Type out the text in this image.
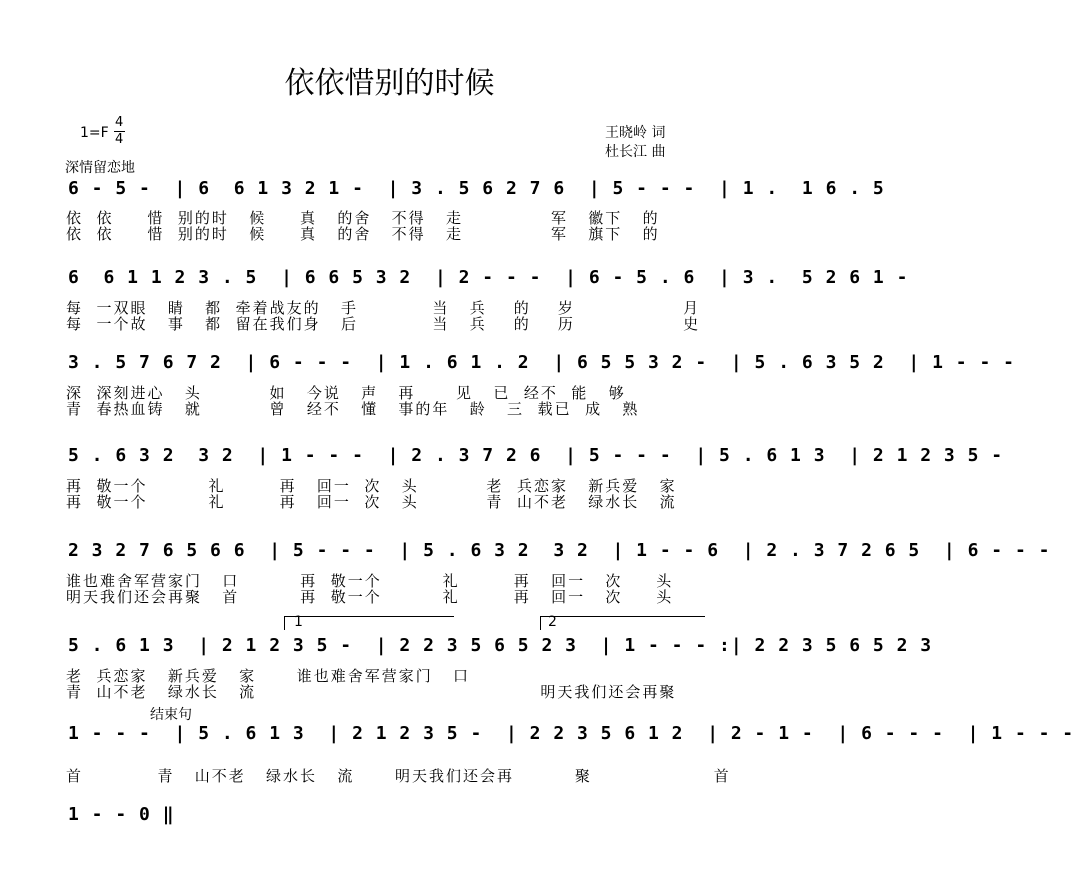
依依惜别的时候
1=F
4
4	王晓岭 词
杜长江 曲
深情留恋地
6 - 5 -  | 6  6 1 3 2 1 -  | 3 . 5 6 2 7 6  | 5 - - -  | 1 .  1 6 . 5
依  依     惜  别的时   候     真   的舍   不得   走             军   徽下   的
依  依     惜  别的时   候     真   的舍   不得   走             军   旗下   的
6  6 1 1 2 3 . 5  | 6 6 5 3 2  | 2 - - -  | 6 - 5 . 6  | 3 .  5 2 6 1 -
每  一双眼   睛   都  牵着战友的   手           当   兵    的    岁                月
每  一个故   事   都  留在我们身   后           当   兵    的    历                史
3 . 5 7 6 7 2  | 6 - - -  | 1 . 6 1 . 2  | 6 5 5 3 2 -  | 5 . 6 3 5 2  | 1 - - -
深  深刻进心   头          如   今说   声   再      见   已  经不  能   够
青  春热血铸   就          曾   经不   懂   事的年   龄   三  载已  成   熟
5 . 6 3 2  3 2  | 1 - - -  | 2 . 3 7 2 6  | 5 - - -  | 5 . 6 1 3  | 2 1 2 3 5 -
再  敬一个         礼        再   回一  次   头          老  兵恋家   新兵爱   家
再  敬一个         礼        再   回一  次   头          青  山不老   绿水长   流
2 3 2 7 6 5 6 6  | 5 - - -  | 5 . 6 3 2  3 2  | 1 - - 6  | 2 . 3 7 2 6 5  | 6 - - -
谁也难舍军营家门   口         再  敬一个         礼        再   回一   次     头
明天我们还会再聚   首         再  敬一个         礼        再   回一   次     头
1	2
5 . 6 1 3  | 2 1 2 3 5 -  | 2 2 3 5 6 5 2 3  | 1 - - - :| 2 2 3 5 6 5 2 3
老  兵恋家   新兵爱   家      谁也难舍军营家门   口
青  山不老   绿水长   流                                          明天我们还会再聚
结束句
1 - - -  | 5 . 6 1 3  | 2 1 2 3 5 -  | 2 2 3 5 6 1 2  | 2 - 1 -  | 6 - - -  | 1 - - -
首           青   山不老   绿水长   流      明天我们还会再         聚                  首
1 - - 0 ‖
